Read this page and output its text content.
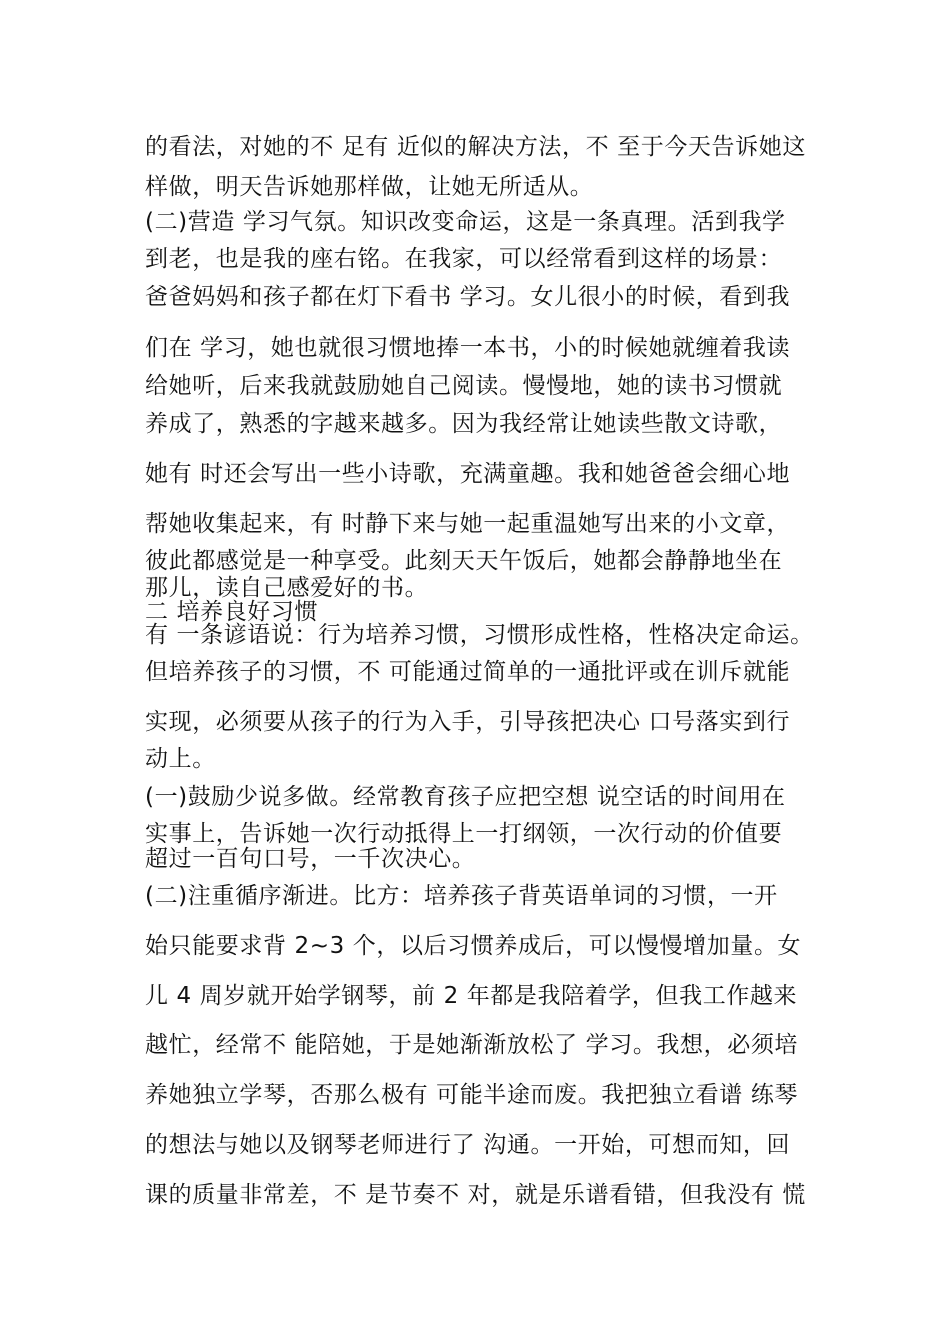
的看法，对她的不 足有 近似的解决方法，不 至于今天告诉她这
样做，明天告诉她那样做，让她无所适从。
(二)营造 学习气氛。知识改变命运，这是一条真理。活到我学
到老，也是我的座右铭。在我家，可以经常看到这样的场景：
爸爸妈妈和孩子都在灯下看书 学习。女儿很小的时候，看到我
们在 学习，她也就很习惯地捧一本书，小的时候她就缠着我读
给她听，后来我就鼓励她自己阅读。慢慢地，她的读书习惯就
养成了，熟悉的字越来越多。因为我经常让她读些散文诗歌，
她有 时还会写出一些小诗歌，充满童趣。我和她爸爸会细心地
帮她收集起来，有 时静下来与她一起重温她写出来的小文章，
彼此都感觉是一种享受。此刻天天午饭后，她都会静静地坐在
那儿，读自己感爱好的书。
二 培养良好习惯
有 一条谚语说：行为培养习惯，习惯形成性格，性格决定命运。
但培养孩子的习惯，不 可能通过简单的一通批评或在训斥就能
实现，必须要从孩子的行为入手，引导孩把决心 口号落实到行
动上。
(一)鼓励少说多做。经常教育孩子应把空想 说空话的时间用在
实事上，告诉她一次行动抵得上一打纲领，一次行动的价值要
超过一百句口号，一千次决心。
(二)注重循序渐进。比方：培养孩子背英语单词的习惯，一开
始只能要求背 2~3 个，以后习惯养成后，可以慢慢增加量。女
儿 4 周岁就开始学钢琴，前 2 年都是我陪着学，但我工作越来
越忙，经常不 能陪她，于是她渐渐放松了 学习。我想，必须培
养她独立学琴，否那么极有 可能半途而废。我把独立看谱 练琴
的想法与她以及钢琴老师进行了 沟通。一开始，可想而知，回
课的质量非常差，不 是节奏不 对，就是乐谱看错，但我没有 慌
